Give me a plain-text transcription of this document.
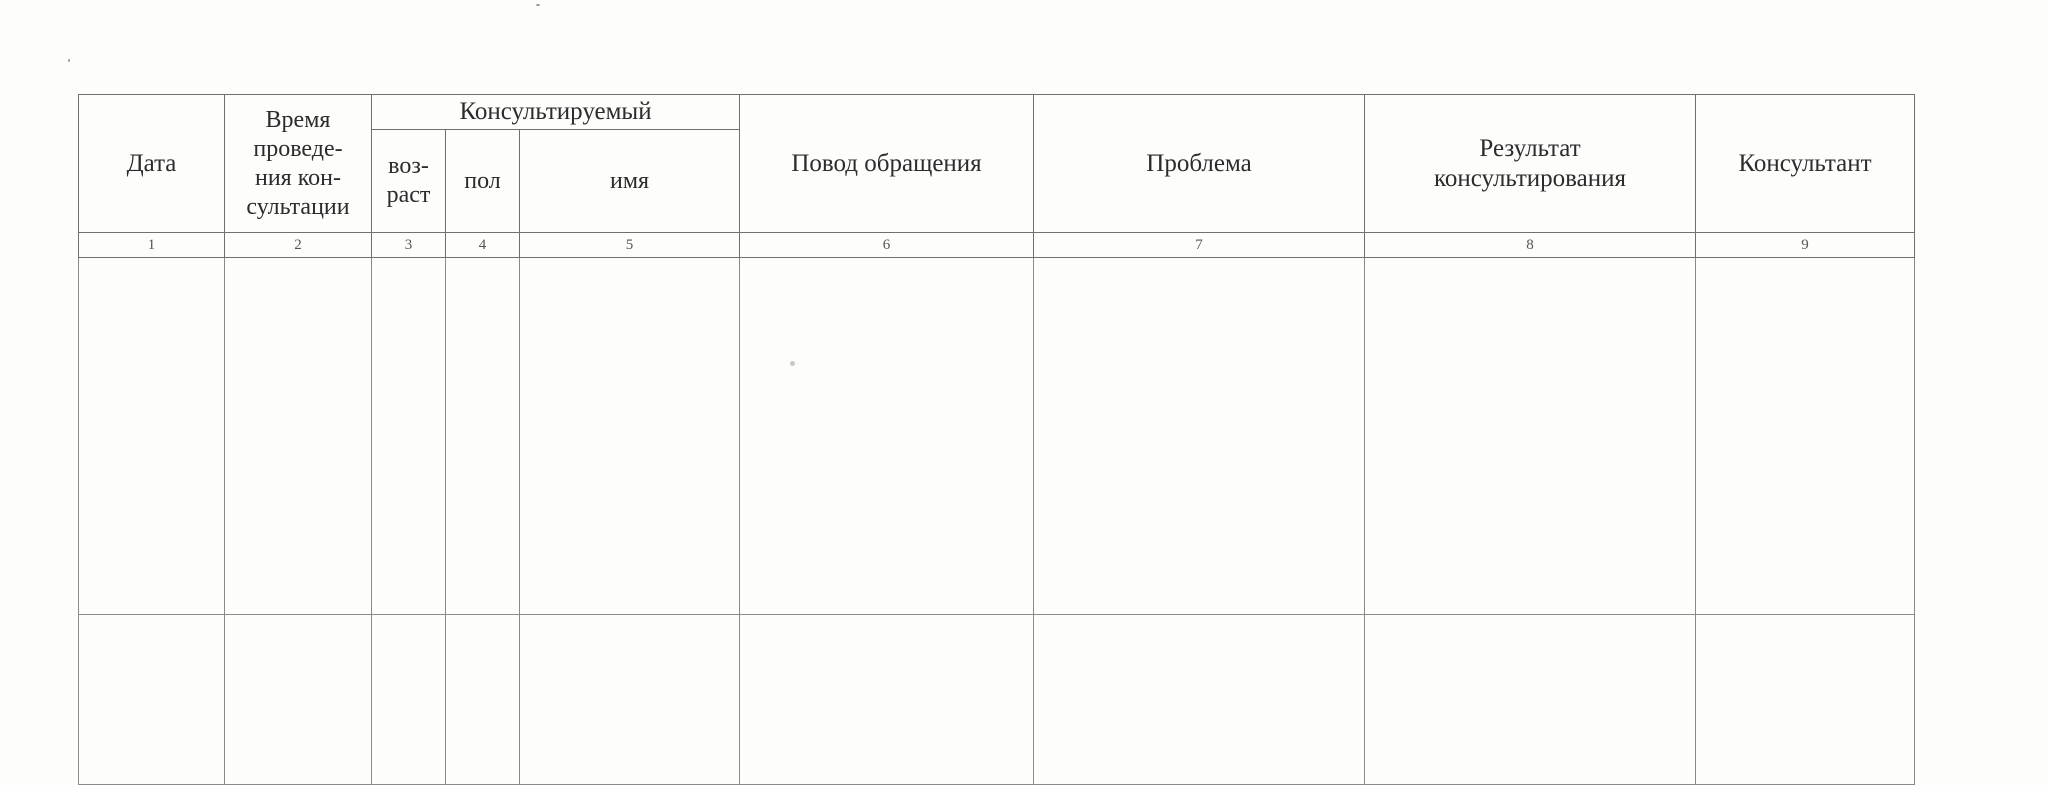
Дата	Время проведе-ния кон-сультации	Консультируемый			Повод обращения	Проблема	Результат консультирования	Консультант

		воз-раст	пол	имя				
1	2	3	4	5	6	7	8	9
